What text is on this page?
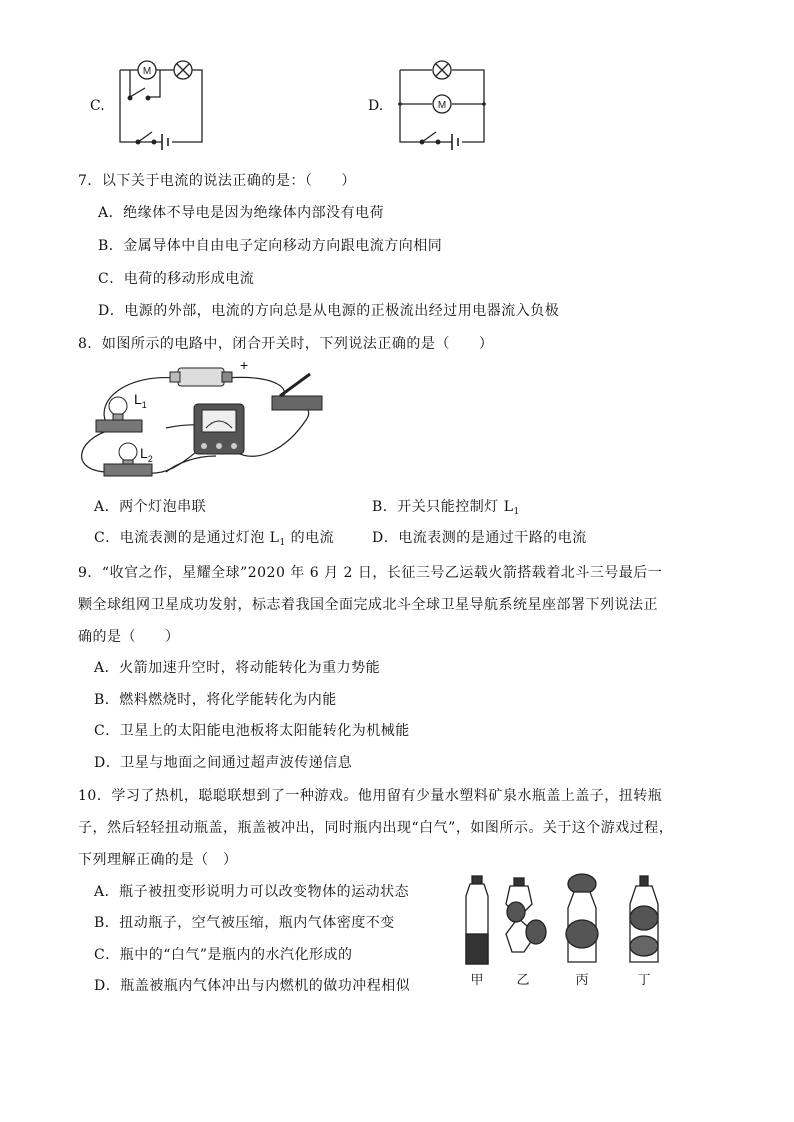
C.
M
D.	M
7．以下关于电流的说法正确的是：（　　）
A．绝缘体不导电是因为绝缘体内部没有电荷
B．金属导体中自由电子定向移动方向跟电流方向相同
C．电荷的移动形成电流
D．电源的外部，电流的方向总是从电源的正极流出经过用电器流入负极
8．如图所示的电路中，闭合开关时，下列说法正确的是（　　）
+
$L_1$
$L_2$
A．两个灯泡串联	B．开关只能控制灯 $L_1$
C．电流表测的是通过灯泡 $L_1$ 的电流	D．电流表测的是通过干路的电流
9．“收官之作，星耀全球”2020 年 6 月 2 日，长征三号乙运载火箭搭载着北斗三号最后一
颗全球组网卫星成功发射，标志着我国全面完成北斗全球卫星导航系统星座部署下列说法正
确的是（　　）
A．火箭加速升空时，将动能转化为重力势能
B．燃料燃烧时，将化学能转化为内能
C．卫星上的太阳能电池板将太阳能转化为机械能
D．卫星与地面之间通过超声波传递信息
10．学习了热机，聪聪联想到了一种游戏。他用留有少量水塑料矿泉水瓶盖上盖子，扭转瓶
子，然后轻轻扭动瓶盖，瓶盖被冲出，同时瓶内出现“白气”，如图所示。关于这个游戏过程，
下列理解正确的是（　）
A．瓶子被扭变形说明力可以改变物体的运动状态
B．扭动瓶子，空气被压缩，瓶内气体密度不变
C．瓶中的“白气”是瓶内的水汽化形成的
D．瓶盖被瓶内气体冲出与内燃机的做功冲程相似	甲	乙	丙	丁
